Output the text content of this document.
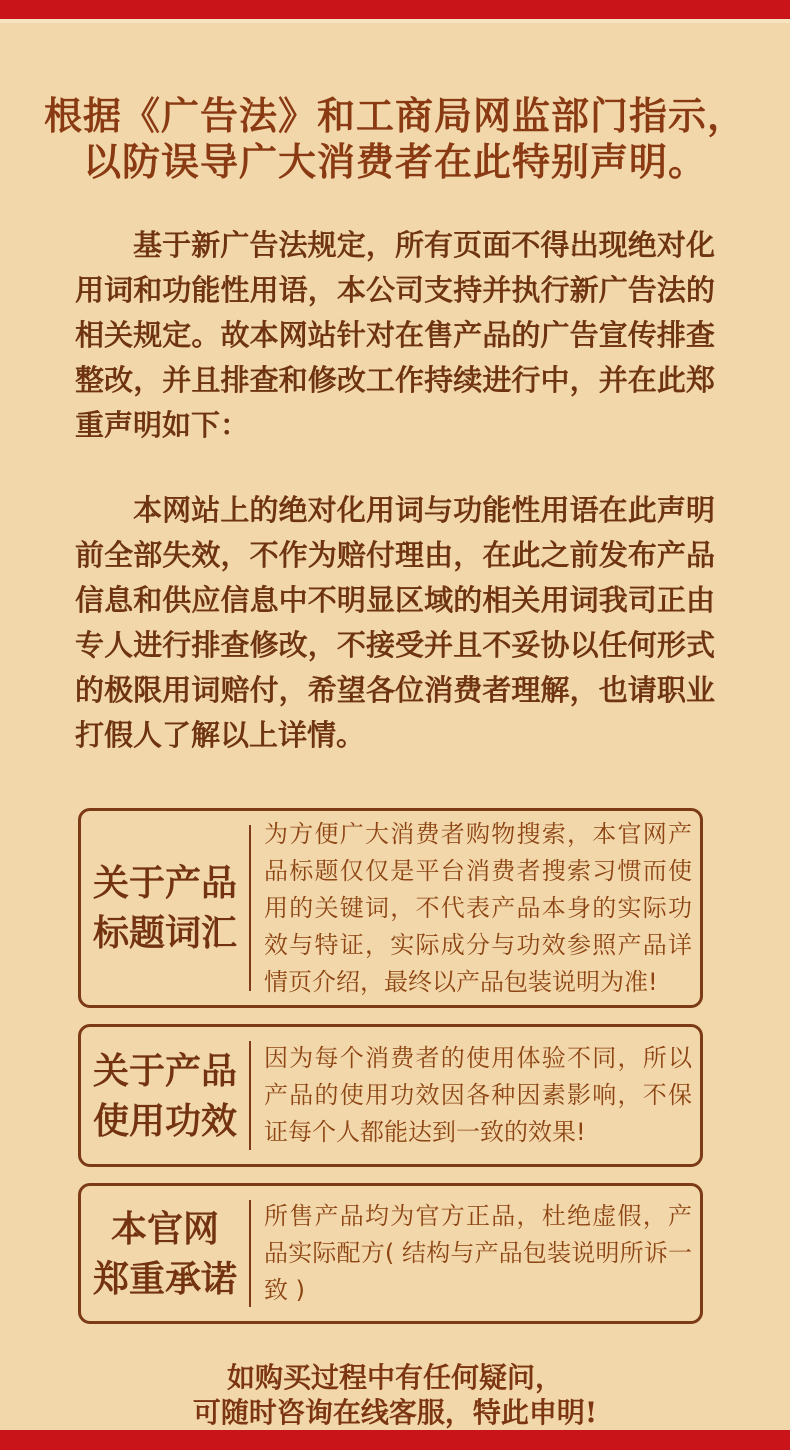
根据《广告法》和工商局网监部门指示，
以防误导广大消费者在此特别声明。

基于新广告法规定，所有页面不得出现绝对化用词和功能性用语，本公司支持并执行新广告法的相关规定。故本网站针对在售产品的广告宣传排查整改，并且排查和修改工作持续进行中，并在此郑重声明如下：

本网站上的绝对化用词与功能性用语在此声明前全部失效，不作为赔付理由，在此之前发布产品信息和供应信息中不明显区域的相关用词我司正由专人进行排查修改，不接受并且不妥协以任何形式的极限用词赔付，希望各位消费者理解，也请职业打假人了解以上详情。

关于产品
标题词汇

为方便广大消费者购物搜索，本官网产品标题仅仅是平台消费者搜索习惯而使用的关键词，不代表产品本身的实际功效与特证，实际成分与功效参照产品详情页介绍，最终以产品包装说明为准!

关于产品
使用功效

因为每个消费者的使用体验不同，所以产品的使用功效因各种因素影响，不保证每个人都能达到一致的效果!

本官网
郑重承诺

所售产品均为官方正品，杜绝虚假，产品实际配方( 结构与产品包装说明所诉一致 )

如购买过程中有任何疑问，
可随时咨询在线客服，特此申明!
